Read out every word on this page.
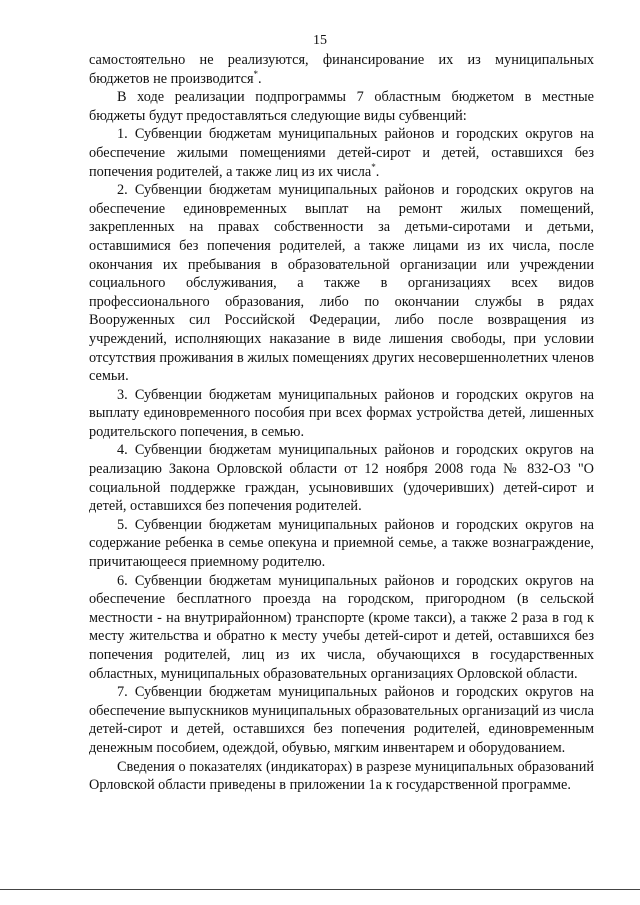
15

самостоятельно не реализуются, финансирование их из муниципальных бюджетов не производится*.

В ходе реализации подпрограммы 7 областным бюджетом в местные бюджеты будут предоставляться следующие виды субвенций:

1. Субвенции бюджетам муниципальных районов и городских округов на обеспечение жилыми помещениями детей-сирот и детей, оставшихся без попечения родителей, а также лиц из их числа*.

2. Субвенции бюджетам муниципальных районов и городских округов на обеспечение единовременных выплат на ремонт жилых помещений, закрепленных на правах собственности за детьми-сиротами и детьми, оставшимися без попечения родителей, а также лицами из их числа, после окончания их пребывания в образовательной организации или учреждении социального обслуживания, а также в организациях всех видов профессионального образования, либо по окончании службы в рядах Вооруженных сил Российской Федерации, либо после возвращения из учреждений, исполняющих наказание в виде лишения свободы, при условии отсутствия проживания в жилых помещениях других несовершеннолетних членов семьи.

3. Субвенции бюджетам муниципальных районов и городских округов на выплату единовременного пособия при всех формах устройства детей, лишенных родительского попечения, в семью.

4. Субвенции бюджетам муниципальных районов и городских округов на реализацию Закона Орловской области от 12 ноября 2008 года № 832-ОЗ "О социальной поддержке граждан, усыновивших (удочеривших) детей-сирот и детей, оставшихся без попечения родителей.

5. Субвенции бюджетам муниципальных районов и городских округов на содержание ребенка в семье опекуна и приемной семье, а также вознаграждение, причитающееся приемному родителю.

6. Субвенции бюджетам муниципальных районов и городских округов на обеспечение бесплатного проезда на городском, пригородном (в сельской местности - на внутрирайонном) транспорте (кроме такси), а также 2 раза в год к месту жительства и обратно к месту учебы детей-сирот и детей, оставшихся без попечения родителей, лиц из их числа, обучающихся в государственных областных, муниципальных образовательных организациях Орловской области.

7. Субвенции бюджетам муниципальных районов и городских округов на обеспечение выпускников муниципальных образовательных организаций из числа детей-сирот и детей, оставшихся без попечения родителей, единовременным денежным пособием, одеждой, обувью, мягким инвентарем и оборудованием.

Сведения о показателях (индикаторах) в разрезе муниципальных образований Орловской области приведены в приложении 1а к государственной программе.
